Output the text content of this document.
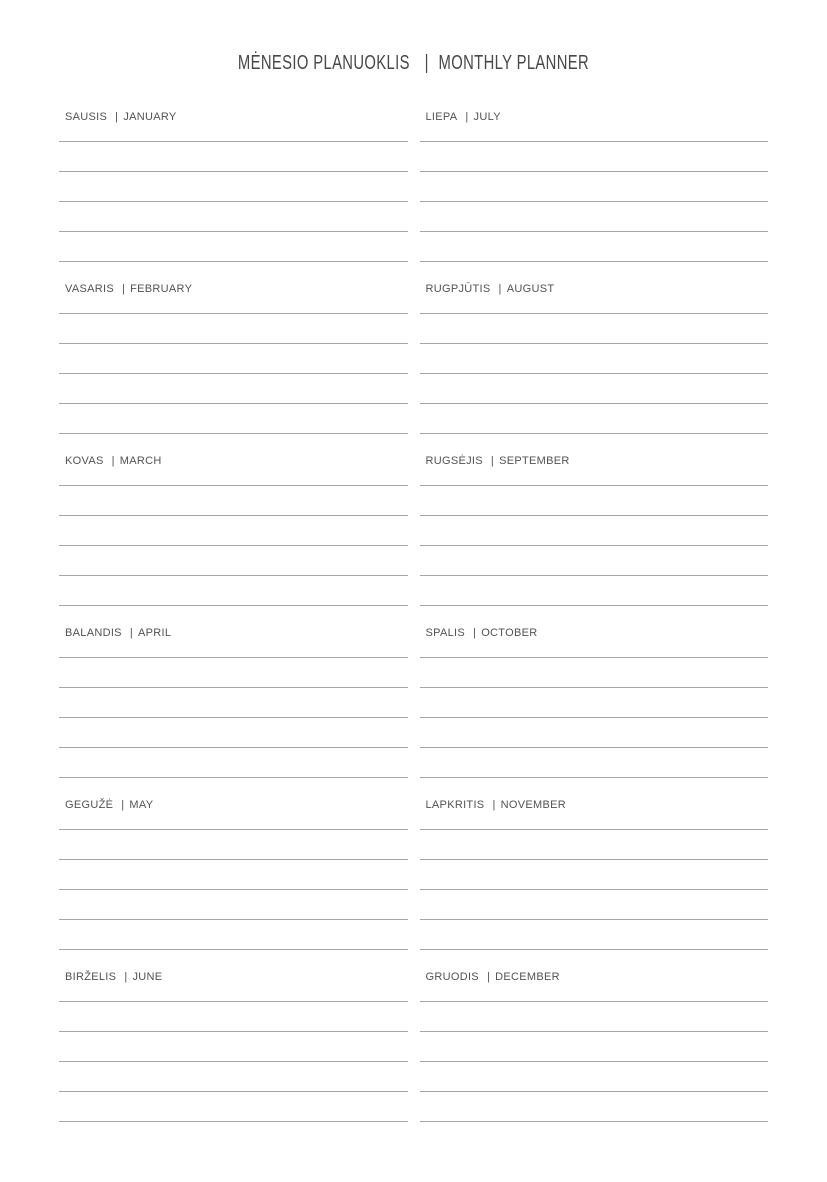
MĖNESIO PLANUOKLIS | MONTHLY PLANNER
SAUSIS | JANUARY
VASARIS | FEBRUARY
KOVAS | MARCH
BALANDIS | APRIL
GEGUŽĖ | MAY
BIRŽELIS | JUNE
LIEPA | JULY
RUGPJŪTIS | AUGUST
RUGSĖJIS | SEPTEMBER
SPALIS | OCTOBER
LAPKRITIS | NOVEMBER
GRUODIS | DECEMBER
